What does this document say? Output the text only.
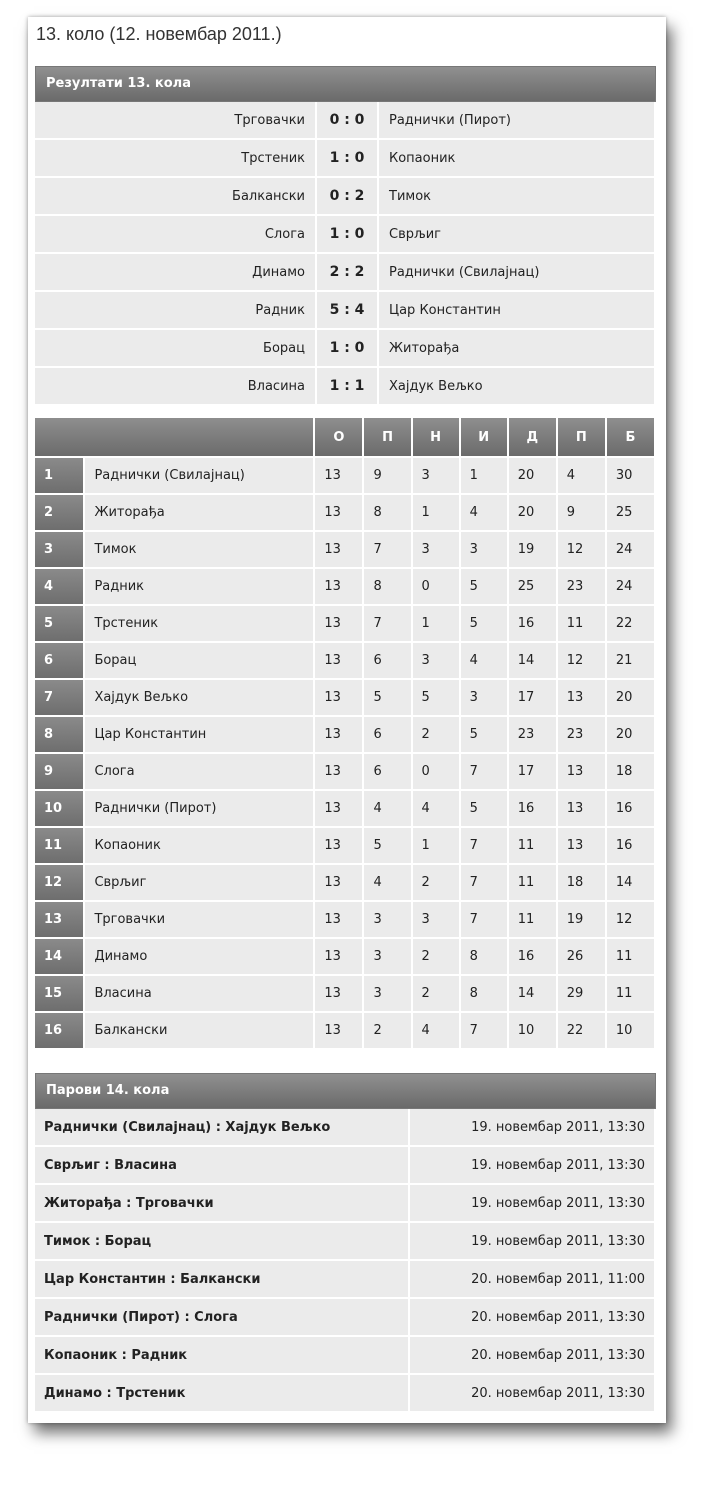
13. коло (12. новембар 2011.)
Резултати 13. кола
Трговачки	0 : 0	Раднички (Пирот)
Трстеник	1 : 0	Копаоник
Балкански	0 : 2	Тимок
Слога	1 : 0	Сврљиг
Динамо	2 : 2	Раднички (Свилајнац)
Радник	5 : 4	Цар Константин
Борац	1 : 0	Житорађа
Власина	1 : 1	Хајдук Вељко
		О	П	Н	И	Д	П	Б
1	Раднички (Свилајнац)	13	9	3	1	20	4	30
2	Житорађа	13	8	1	4	20	9	25
3	Тимок	13	7	3	3	19	12	24
4	Радник	13	8	0	5	25	23	24
5	Трстеник	13	7	1	5	16	11	22
6	Борац	13	6	3	4	14	12	21
7	Хајдук Вељко	13	5	5	3	17	13	20
8	Цар Константин	13	6	2	5	23	23	20
9	Слога	13	6	0	7	17	13	18
10	Раднички (Пирот)	13	4	4	5	16	13	16
11	Копаоник	13	5	1	7	11	13	16
12	Сврљиг	13	4	2	7	11	18	14
13	Трговачки	13	3	3	7	11	19	12
14	Динамо	13	3	2	8	16	26	11
15	Власина	13	3	2	8	14	29	11
16	Балкански	13	2	4	7	10	22	10
Парови 14. кола
Раднички (Свилајнац) : Хајдук Вељко	19. новембар 2011, 13:30
Сврљиг : Власина	19. новембар 2011, 13:30
Житорађа : Трговачки	19. новембар 2011, 13:30
Тимок : Борац	19. новембар 2011, 13:30
Цар Константин : Балкански	20. новембар 2011, 11:00
Раднички (Пирот) : Слога	20. новембар 2011, 13:30
Копаоник : Радник	20. новембар 2011, 13:30
Динамо : Трстеник	20. новембар 2011, 13:30
